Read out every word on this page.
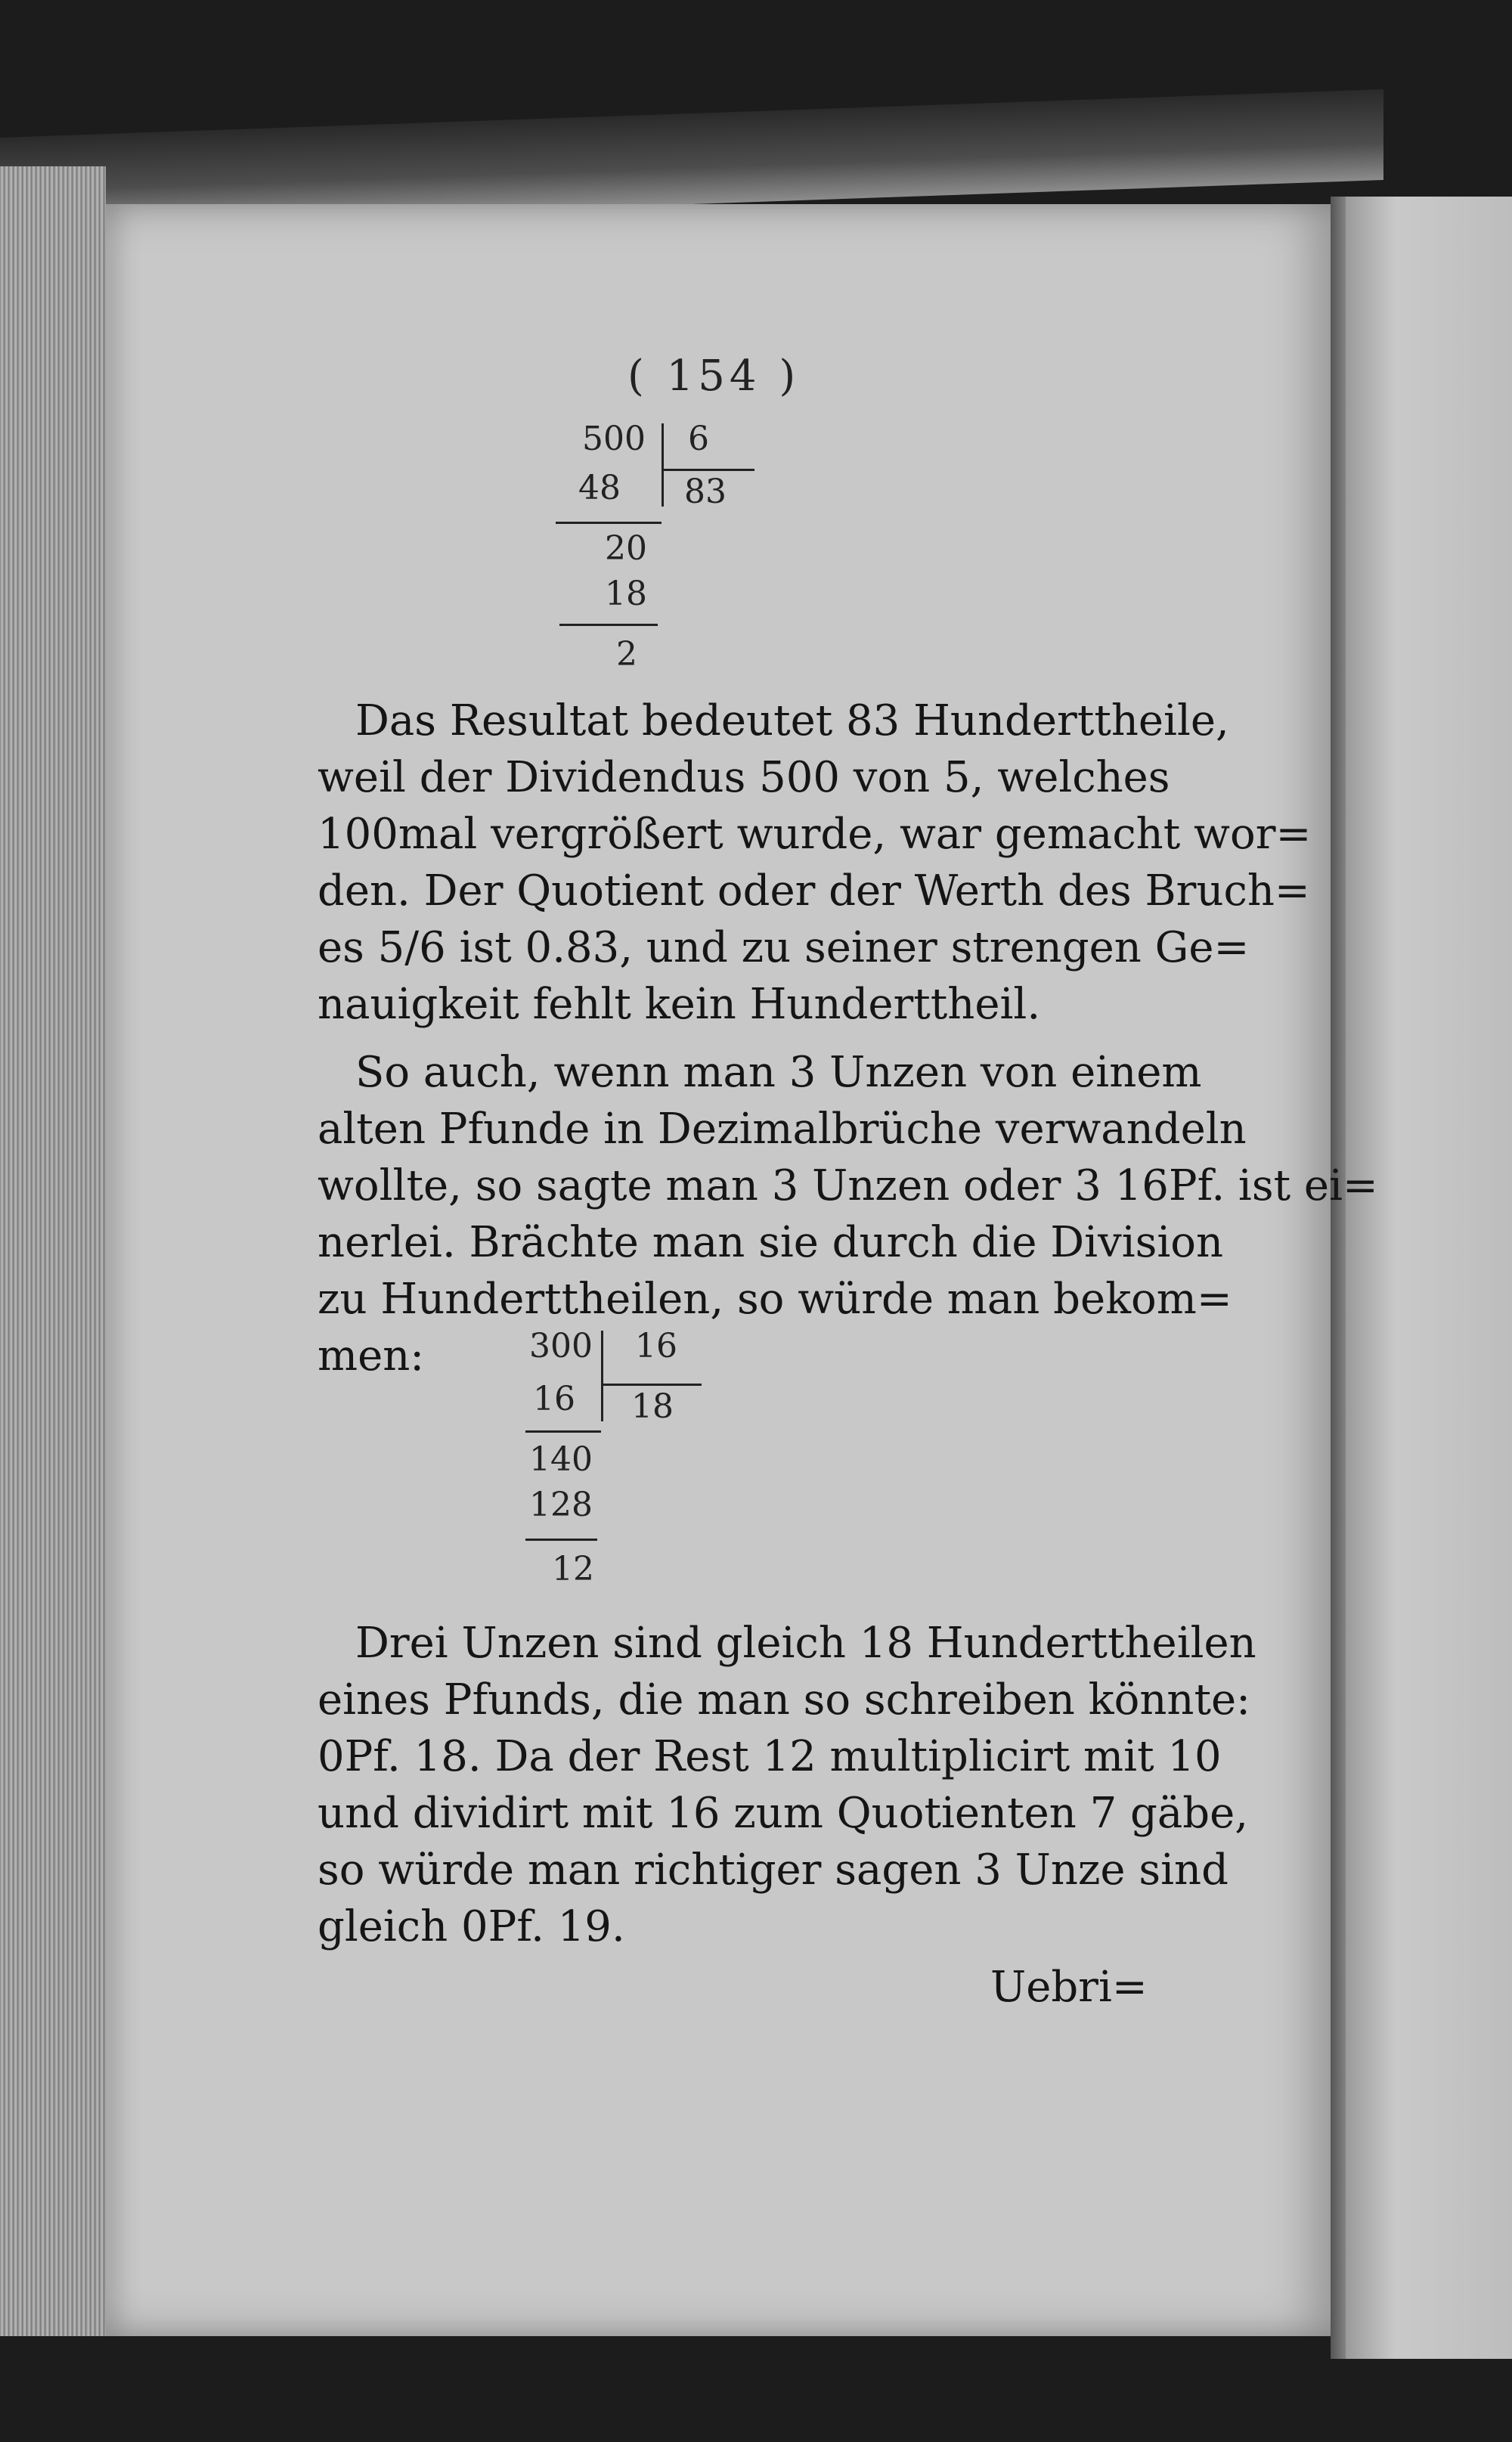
( 154 )
500 6
48 83
20
18
2
Das Resultat bedeutet 83 Hunderttheile,
weil der Dividendus 500 von 5, welches
100mal vergrößert wurde, war gemacht wor=
den. Der Quotient oder der Werth des Bruch=
es 5/6 ist 0.83, und zu seiner strengen Ge=
nauigkeit fehlt kein Hunderttheil.
So auch, wenn man 3 Unzen von einem
alten Pfunde in Dezimalbrüche verwandeln
wollte, so sagte man 3 Unzen oder 3 16Pf. ist ei=
nerlei. Brächte man sie durch die Division
zu Hunderttheilen, so würde man bekom=
men:	300 16
16 18
140
128
12
Drei Unzen sind gleich 18 Hunderttheilen
eines Pfunds, die man so schreiben könnte:
0Pf. 18. Da der Rest 12 multiplicirt mit 10
und dividirt mit 16 zum Quotienten 7 gäbe,
so würde man richtiger sagen 3 Unze sind
gleich 0Pf. 19.
Uebri=
